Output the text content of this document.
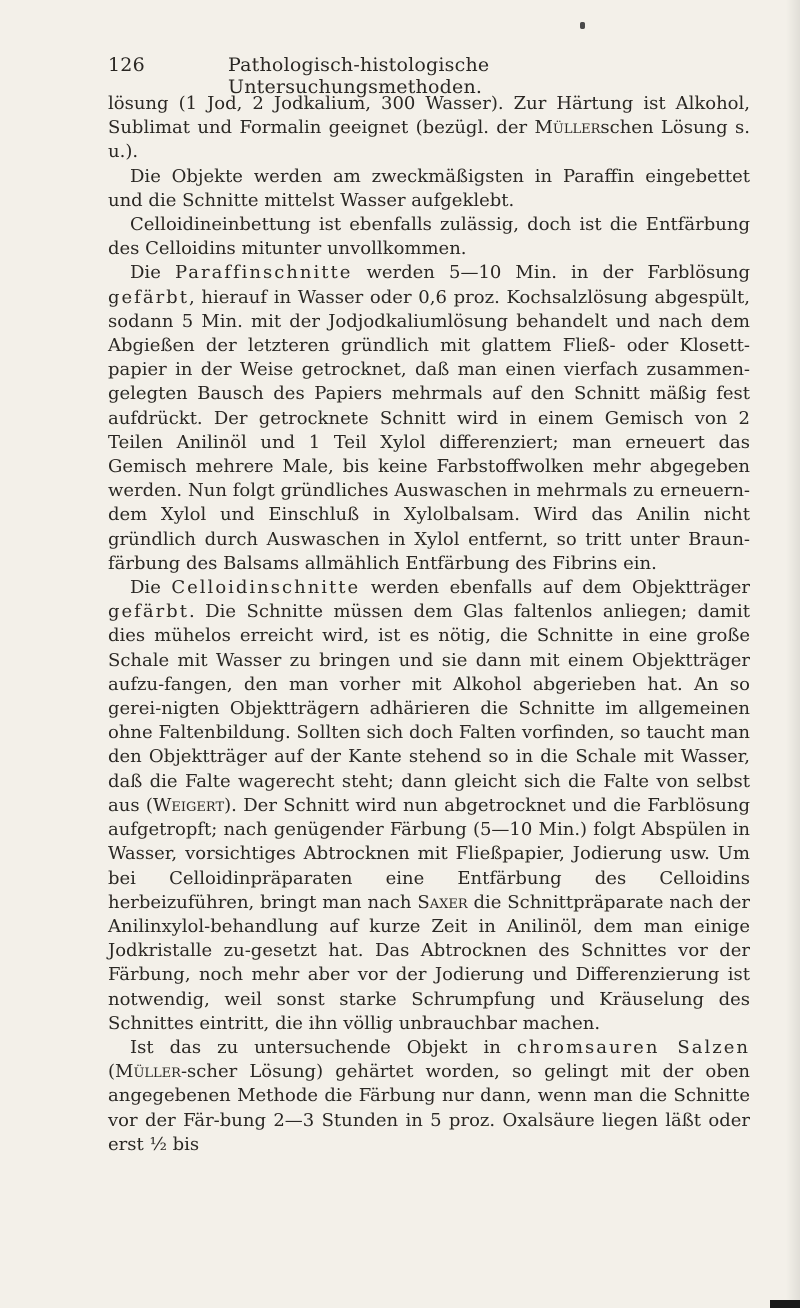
126	Pathologisch-histologische Untersuchungsmethoden.

lösung (1 Jod, 2 Jodkalium, 300 Wasser). Zur Härtung ist Alkohol, Sublimat und Formalin geeignet (bezügl. der Müllerschen Lösung s. u.).

Die Objekte werden am zweckmäßigsten in Paraffin eingebettet und die Schnitte mittelst Wasser aufgeklebt.

Celloidineinbettung ist ebenfalls zulässig, doch ist die Entfärbung des Celloidins mitunter unvollkommen.

Die Paraffinschnitte werden 5—10 Min. in der Farblösung gefärbt, hierauf in Wasser oder 0,6 proz. Kochsalzlösung abgespült, sodann 5 Min. mit der Jodjodkaliumlösung behandelt und nach dem Abgießen der letzteren gründlich mit glattem Fließ- oder Klosett-papier in der Weise getrocknet, daß man einen vierfach zusammen-gelegten Bausch des Papiers mehrmals auf den Schnitt mäßig fest aufdrückt. Der getrocknete Schnitt wird in einem Gemisch von 2 Teilen Anilinöl und 1 Teil Xylol differenziert; man erneuert das Gemisch mehrere Male, bis keine Farbstoffwolken mehr abgegeben werden. Nun folgt gründliches Auswaschen in mehrmals zu erneuern-dem Xylol und Einschluß in Xylolbalsam. Wird das Anilin nicht gründlich durch Auswaschen in Xylol entfernt, so tritt unter Braun-färbung des Balsams allmählich Entfärbung des Fibrins ein.

Die Celloidinschnitte werden ebenfalls auf dem Objektträger gefärbt. Die Schnitte müssen dem Glas faltenlos anliegen; damit dies mühelos erreicht wird, ist es nötig, die Schnitte in eine große Schale mit Wasser zu bringen und sie dann mit einem Objektträger aufzu-fangen, den man vorher mit Alkohol abgerieben hat. An so gerei-nigten Objektträgern adhärieren die Schnitte im allgemeinen ohne Faltenbildung. Sollten sich doch Falten vorfinden, so taucht man den Objektträger auf der Kante stehend so in die Schale mit Wasser, daß die Falte wagerecht steht; dann gleicht sich die Falte von selbst aus (Weigert). Der Schnitt wird nun abgetrocknet und die Farblösung aufgetropft; nach genügender Färbung (5—10 Min.) folgt Abspülen in Wasser, vorsichtiges Abtrocknen mit Fließpapier, Jodierung usw. Um bei Celloidinpräparaten eine Entfärbung des Celloidins herbeizuführen, bringt man nach Saxer die Schnittpräparate nach der Anilinxylol-behandlung auf kurze Zeit in Anilinöl, dem man einige Jodkristalle zu-gesetzt hat. Das Abtrocknen des Schnittes vor der Färbung, noch mehr aber vor der Jodierung und Differenzierung ist notwendig, weil sonst starke Schrumpfung und Kräuselung des Schnittes eintritt, die ihn völlig unbrauchbar machen.

Ist das zu untersuchende Objekt in chromsauren Salzen (Müller-scher Lösung) gehärtet worden, so gelingt mit der oben angegebenen Methode die Färbung nur dann, wenn man die Schnitte vor der Fär-bung 2—3 Stunden in 5 proz. Oxalsäure liegen läßt oder erst ½ bis
